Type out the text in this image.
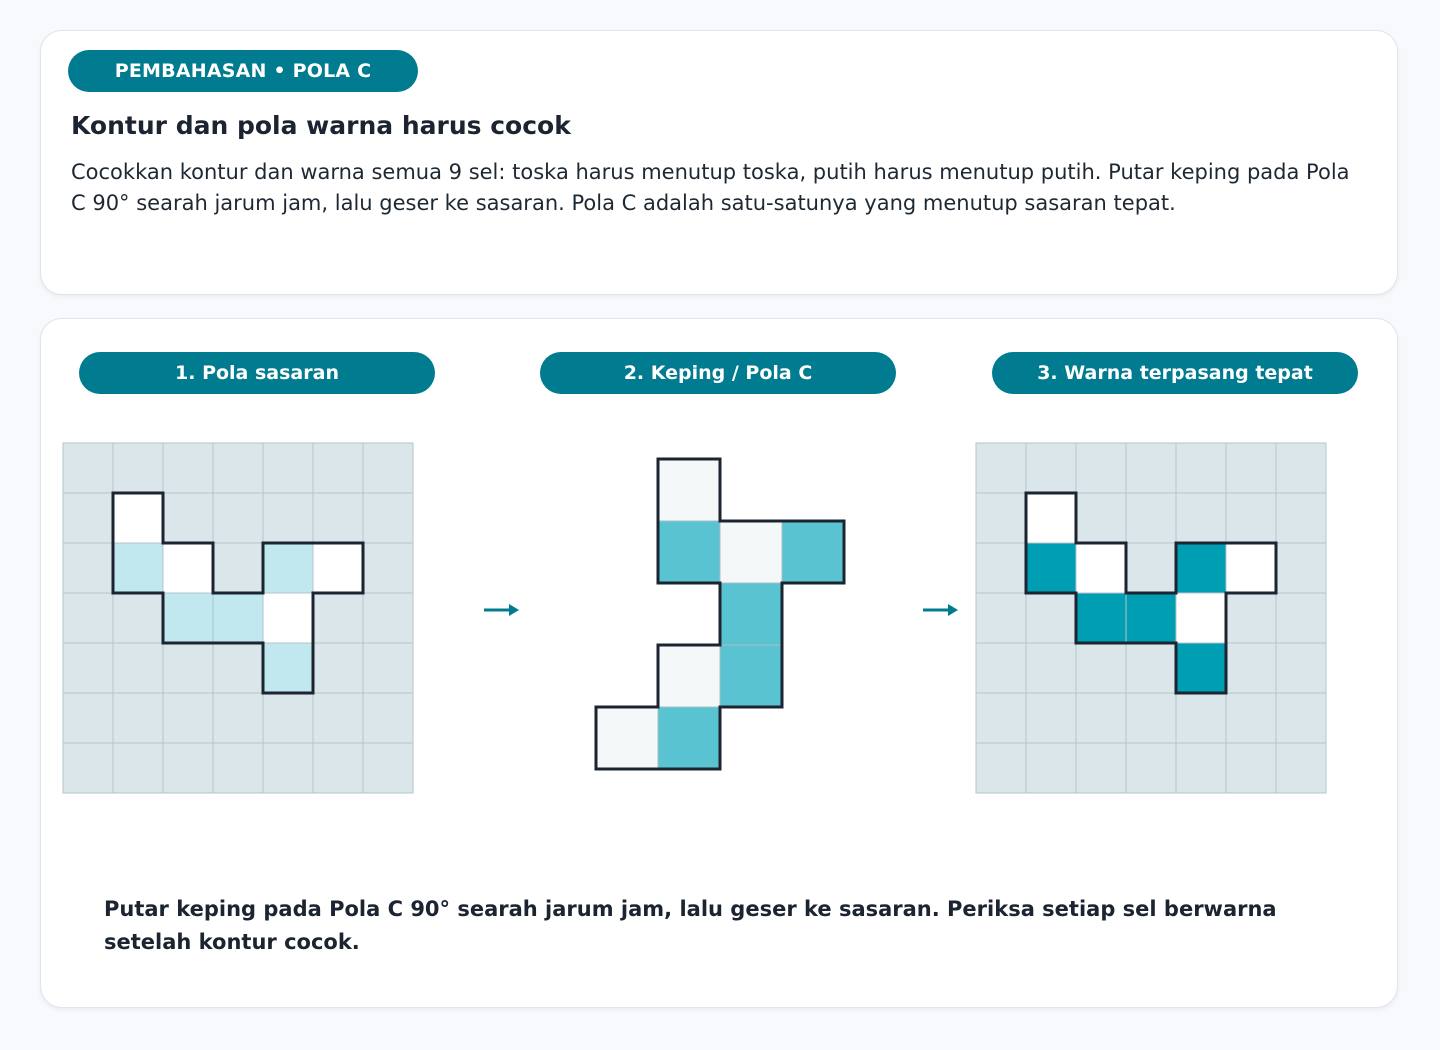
PEMBAHASAN • POLA C
Kontur dan pola warna harus cocok

Cocokkan kontur dan warna semua 9 sel: toska harus menutup toska, putih harus menutup putih. Putar keping pada Pola C 90° searah jarum jam, lalu geser ke sasaran. Pola C adalah satu-satunya yang menutup sasaran tepat.

1. Pola sasaran	2. Keping / Pola C	3. Warna terpasang tepat

Putar keping pada Pola C 90° searah jarum jam, lalu geser ke sasaran. Periksa setiap sel berwarna setelah kontur cocok.
